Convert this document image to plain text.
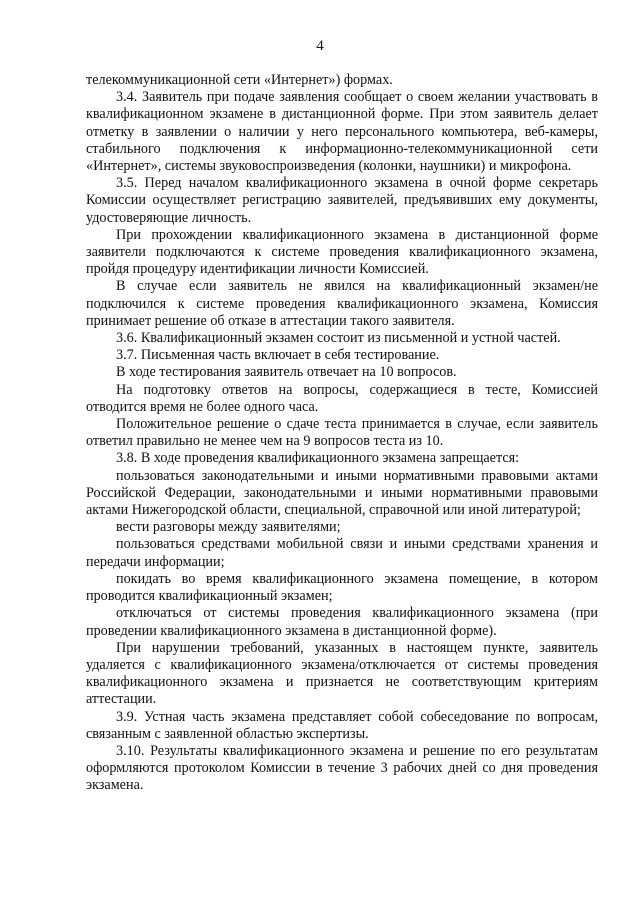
4

телекоммуникационной сети «Интернет») формах.

3.4. Заявитель при подаче заявления сообщает о своем желании участвовать в квалификационном экзамене в дистанционной форме. При этом заявитель делает отметку в заявлении о наличии у него персонального компьютера, веб-камеры, стабильного подключения к информационно-телекоммуникационной сети «Интернет», системы звуковоспроизведения (колонки, наушники) и микрофона.

3.5. Перед началом квалификационного экзамена в очной форме секретарь Комиссии осуществляет регистрацию заявителей, предъявивших ему документы, удостоверяющие личность.

При прохождении квалификационного экзамена в дистанционной форме заявители подключаются к системе проведения квалификационного экзамена, пройдя процедуру идентификации личности Комиссией.

В случае если заявитель не явился на квалификационный экзамен/не подключился к системе проведения квалификационного экзамена, Комиссия принимает решение об отказе в аттестации такого заявителя.

3.6. Квалификационный экзамен состоит из письменной и устной частей.

3.7. Письменная часть включает в себя тестирование.

В ходе тестирования заявитель отвечает на 10 вопросов.

На подготовку ответов на вопросы, содержащиеся в тесте, Комиссией отводится время не более одного часа.

Положительное решение о сдаче теста принимается в случае, если заявитель ответил правильно не менее чем на 9 вопросов теста из 10.

3.8. В ходе проведения квалификационного экзамена запрещается:

пользоваться законодательными и иными нормативными правовыми актами Российской Федерации, законодательными и иными нормативными правовыми актами Нижегородской области, специальной, справочной или иной литературой;

вести разговоры между заявителями;

пользоваться средствами мобильной связи и иными средствами хранения и передачи информации;

покидать во время квалификационного экзамена помещение, в котором проводится квалификационный экзамен;

отключаться от системы проведения квалификационного экзамена (при проведении квалификационного экзамена в дистанционной форме).

При нарушении требований, указанных в настоящем пункте, заявитель удаляется с квалификационного экзамена/отключается от системы проведения квалификационного экзамена и признается не соответствующим критериям аттестации.

3.9. Устная часть экзамена представляет собой собеседование по вопросам, связанным с заявленной областью экспертизы.

3.10. Результаты квалификационного экзамена и решение по его результатам оформляются протоколом Комиссии в течение 3 рабочих дней со дня проведения экзамена.
